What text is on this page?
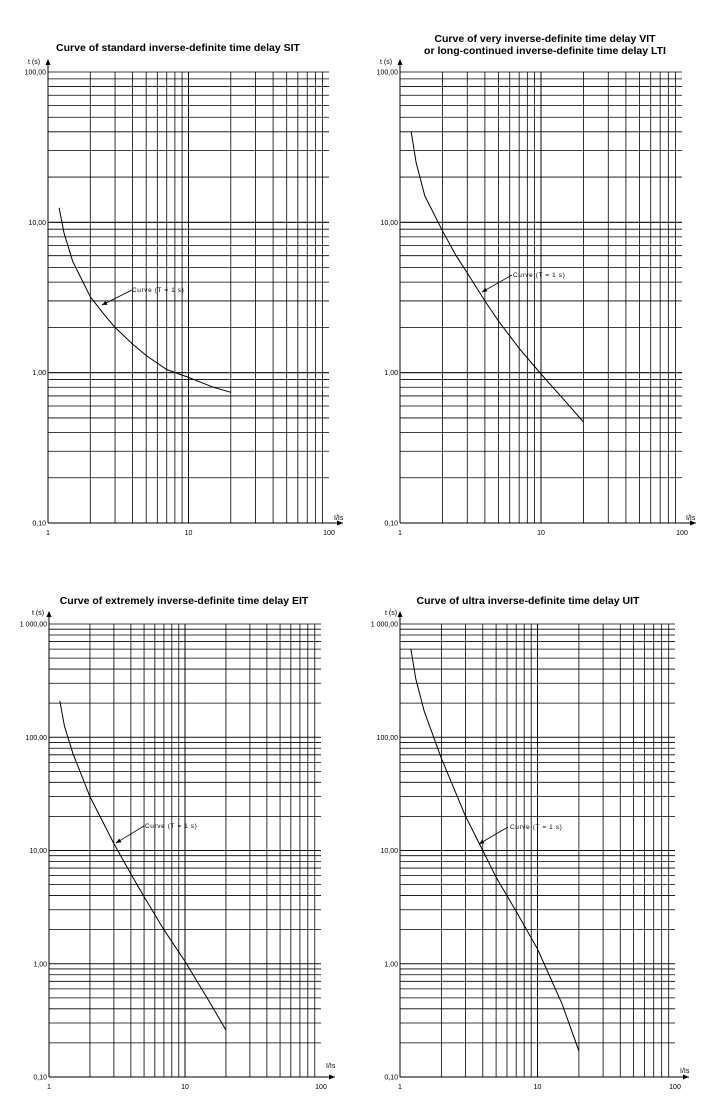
Curve of standard inverse-definite time delay SIT
t (s)
I/Is
Curve (T = 1 s)
1	10	100
0,10
1,00
10,00
100,00
Curve of very inverse-definite time delay VIT
or long-continued inverse-definite time delay LTI
t (s)
I/Is
Curve (T = 1 s)
1	10	100
0,10
1,00
10,00
100,00
Curve of extremely inverse-definite time delay EIT
t (s)
I/Is
Curve (T = 1 s)
1	10	100
0,10
1,00
10,00
100,00
1 000,00
Curve of ultra inverse-definite time delay UIT
t (s)
I/Is
Curve (T = 1 s)
1	10	100
0,10
1,00
10,00
100,00
1 000,00
